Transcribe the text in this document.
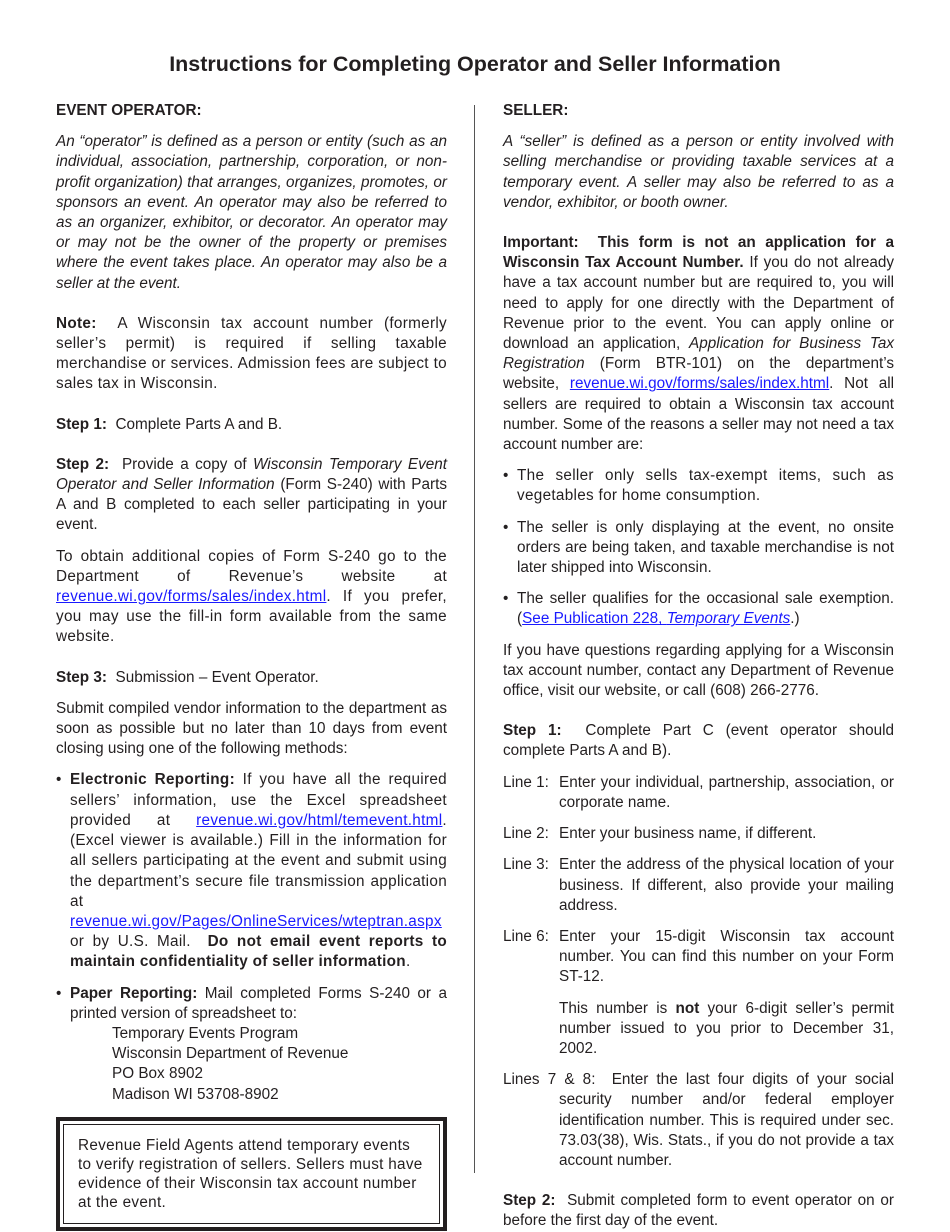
Instructions for Completing Operator and Seller Information

EVENT OPERATOR:

An “operator” is defined as a person or entity (such as an individual, association, partnership, corporation, or non-profit organization) that arranges, organizes, promotes, or sponsors an event. An operator may also be referred to as an organizer, exhibitor, or decorator. An operator may or may not be the owner of the property or premises where the event takes place. An operator may also be a seller at the event.

Note: A Wisconsin tax account number (formerly seller’s permit) is required if selling taxable merchandise or services. Admission fees are subject to sales tax in Wisconsin.

Step 1: Complete Parts A and B.

Step 2: Provide a copy of Wisconsin Temporary Event Operator and Seller Information (Form S-240) with Parts A and B completed to each seller participating in your event.

To obtain additional copies of Form S-240 go to the Department of Revenue’s website at revenue.wi.gov/forms/sales/index.html. If you prefer, you may use the fill-in form available from the same website.

Step 3: Submission – Event Operator.

Submit compiled vendor information to the department as soon as possible but no later than 10 days from event closing using one of the following methods:

• Electronic Reporting: If you have all the required sellers’ information, use the Excel spreadsheet provided at revenue.wi.gov/html/temevent.html. (Excel viewer is available.) Fill in the information for all sellers participating at the event and submit using the department’s secure file transmission application at revenue.wi.gov/Pages/OnlineServices/wteptran.aspx or by U.S. Mail. Do not email event reports to maintain confidentiality of seller information.
• Paper Reporting: Mail completed Forms S-240 or a printed version of spreadsheet to:
Temporary Events Program
Wisconsin Department of Revenue
PO Box 8902
Madison WI 53708-8902
Revenue Field Agents attend temporary events to verify registration of sellers. Sellers must have evidence of their Wisconsin tax account number at the event.

SELLER:

A “seller” is defined as a person or entity involved with selling merchandise or providing taxable services at a temporary event. A seller may also be referred to as a vendor, exhibitor, or booth owner.

Important: This form is not an application for a Wisconsin Tax Account Number. If you do not already have a tax account number but are required to, you will need to apply for one directly with the Department of Revenue prior to the event. You can apply online or download an application, Application for Business Tax Registration (Form BTR-101) on the department’s website, revenue.wi.gov/forms/sales/index.html. Not all sellers are required to obtain a Wisconsin tax account number. Some of the reasons a seller may not need a tax account number are:

• The seller only sells tax-exempt items, such as vegetables for home consumption.
• The seller is only displaying at the event, no onsite orders are being taken, and taxable merchandise is not later shipped into Wisconsin.
• The seller qualifies for the occasional sale exemption. (See Publication 228, Temporary Events.)

If you have questions regarding applying for a Wisconsin tax account number, contact any Department of Revenue office, visit our website, or call (608) 266-2776.

Step 1: Complete Part C (event operator should complete Parts A and B).

Line 1: Enter your individual, partnership, association, or corporate name.
Line 2: Enter your business name, if different.
Line 3: Enter the address of the physical location of your business. If different, also provide your mailing address.
Line 6: Enter your 15-digit Wisconsin tax account number. You can find this number on your Form ST-12.

This number is not your 6-digit seller’s permit number issued to you prior to December 31, 2002.

Lines 7 & 8: Enter the last four digits of your social security number and/or federal employer identification number. This is required under sec. 73.03(38), Wis. Stats., if you do not provide a tax account number.

Step 2: Submit completed form to event operator on or before the first day of the event.
